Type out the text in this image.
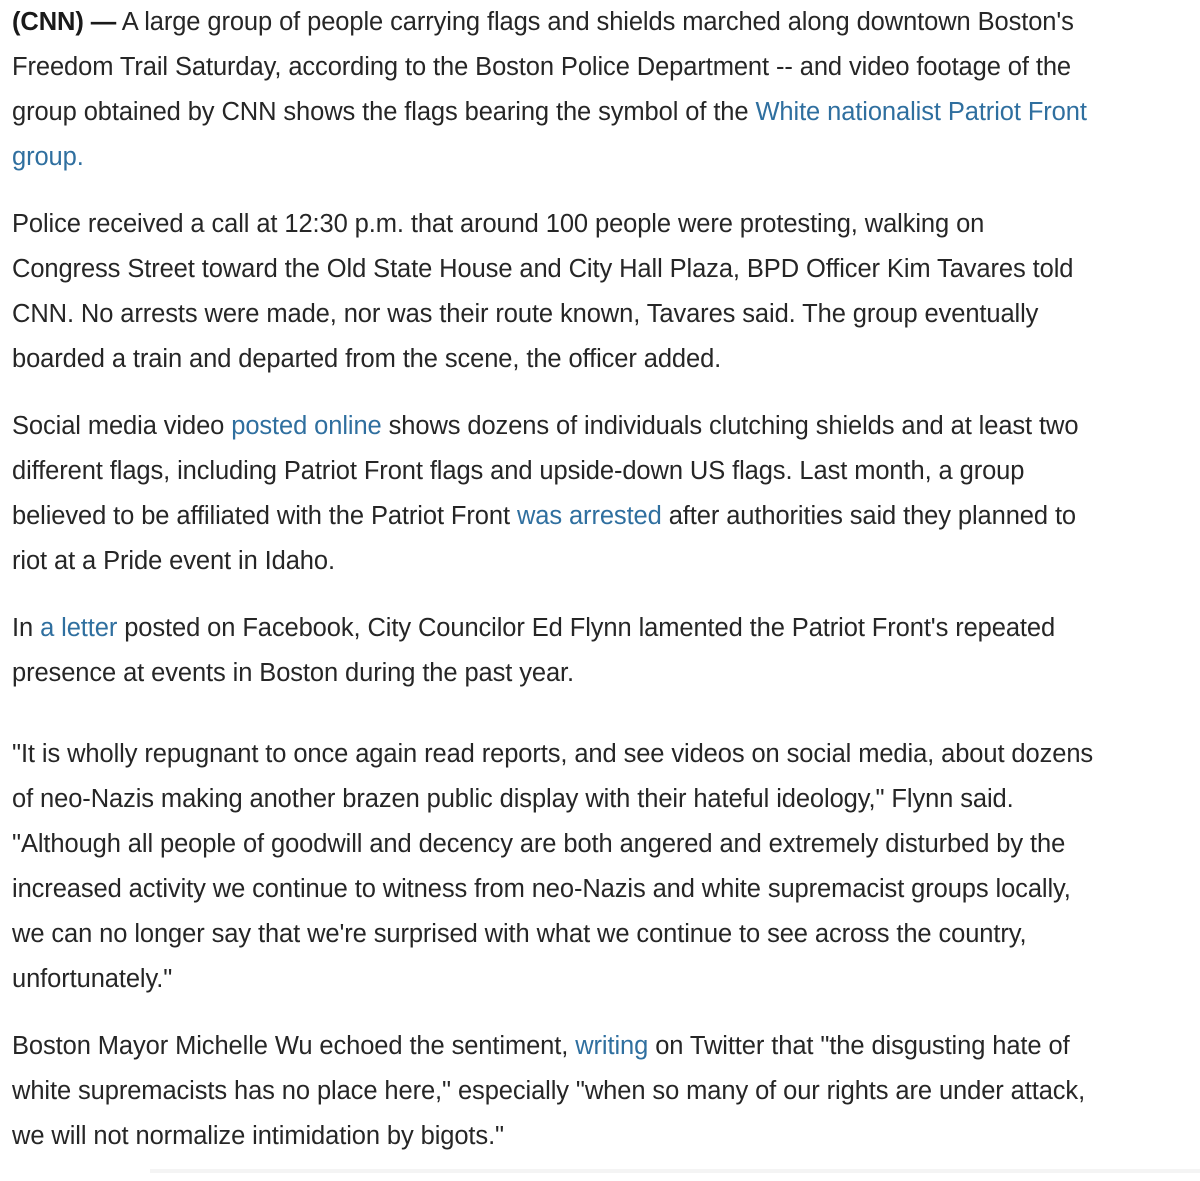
(CNN) — A large group of people carrying flags and shields marched along downtown Boston's
Freedom Trail Saturday, according to the Boston Police Department -- and video footage of the
group obtained by CNN shows the flags bearing the symbol of the White nationalist Patriot Front
group.

Police received a call at 12:30 p.m. that around 100 people were protesting, walking on
Congress Street toward the Old State House and City Hall Plaza, BPD Officer Kim Tavares told
CNN. No arrests were made, nor was their route known, Tavares said. The group eventually
boarded a train and departed from the scene, the officer added.

Social media video posted online shows dozens of individuals clutching shields and at least two
different flags, including Patriot Front flags and upside-down US flags. Last month, a group
believed to be affiliated with the Patriot Front was arrested after authorities said they planned to
riot at a Pride event in Idaho.

In a letter posted on Facebook, City Councilor Ed Flynn lamented the Patriot Front's repeated
presence at events in Boston during the past year.

"It is wholly repugnant to once again read reports, and see videos on social media, about dozens
of neo-Nazis making another brazen public display with their hateful ideology," Flynn said.
"Although all people of goodwill and decency are both angered and extremely disturbed by the
increased activity we continue to witness from neo-Nazis and white supremacist groups locally,
we can no longer say that we're surprised with what we continue to see across the country,
unfortunately."

Boston Mayor Michelle Wu echoed the sentiment, writing on Twitter that "the disgusting hate of
white supremacists has no place here," especially "when so many of our rights are under attack,
we will not normalize intimidation by bigots."
